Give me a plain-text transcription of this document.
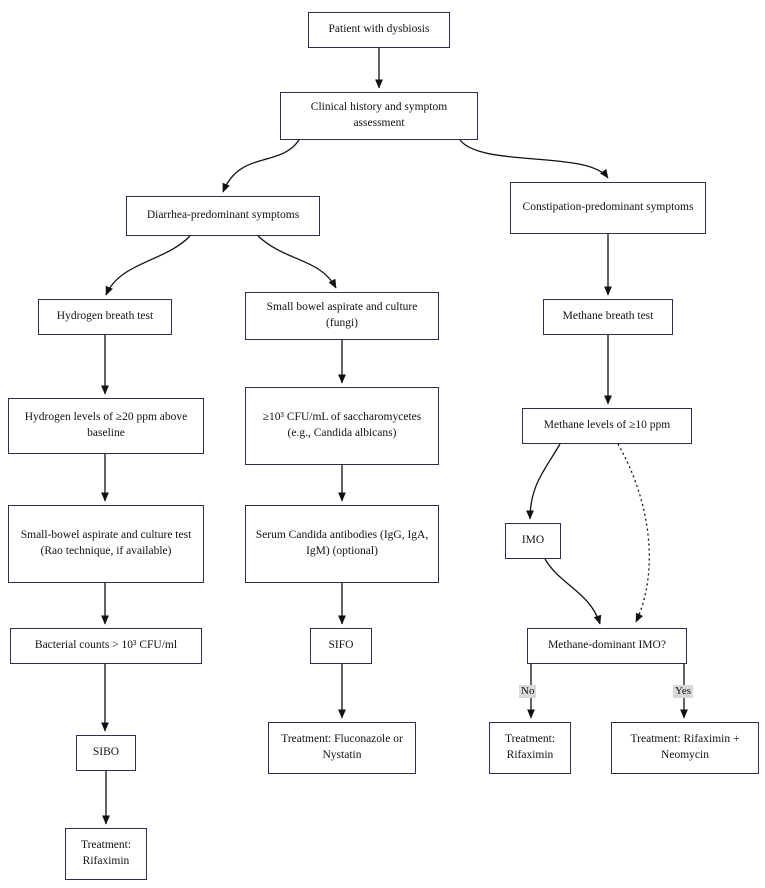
Patient with dysbiosis
Clinical history and symptom assessment
Diarrhea-predominant symptoms
Constipation-predominant symptoms
Hydrogen breath test
Small bowel aspirate and culture (fungi)
Methane breath test
Hydrogen levels of ≥20 ppm above baseline
≥10³ CFU/mL of saccharomycetes (e.g., Candida albicans)
Methane levels of ≥10 ppm
Small-bowel aspirate and culture test (Rao technique, if available)
Serum Candida antibodies (IgG, IgA, IgM) (optional)
IMO
Bacterial counts > 10³ CFU/ml	SIFO	Methane-dominant IMO?
SIBO
Treatment: Fluconazole or Nystatin
Treatment: Rifaximin
Treatment: Rifaximin + Neomycin
Treatment: Rifaximin
No	Yes
